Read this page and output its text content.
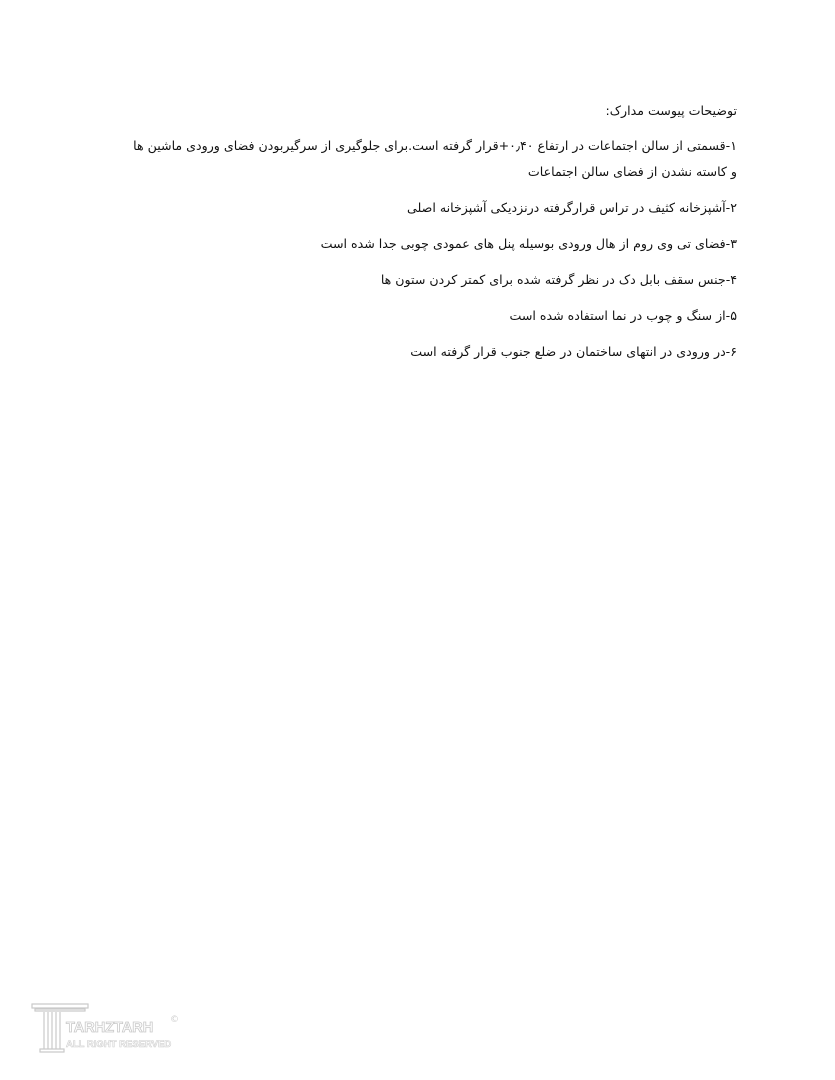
توضیحات پیوست مدارک:

۱-قسمتی از سالن اجتماعات در ارتفاع ۰٫۴۰+قرار گرفته است.برای جلوگیری از سرگیربودن فضای ورودی ماشین ها و کاسته نشدن از فضای سالن اجتماعات

۲-آشپزخانه کثیف در تراس قرارگرفته درنزدیکی آشپزخانه اصلی

۳-فضای تی وی روم از هال ورودی بوسیله پنل های عمودی چوبی جدا شده است

۴-جنس سقف بابل دک در نظر گرفته شده برای کمتر کردن ستون ها

۵-از سنگ و چوب در نما استفاده شده است

۶-در ورودی در انتهای ساختمان در ضلع جنوب قرار گرفته است

TARHZTARH
ALL RIGHT RESERVED
©
